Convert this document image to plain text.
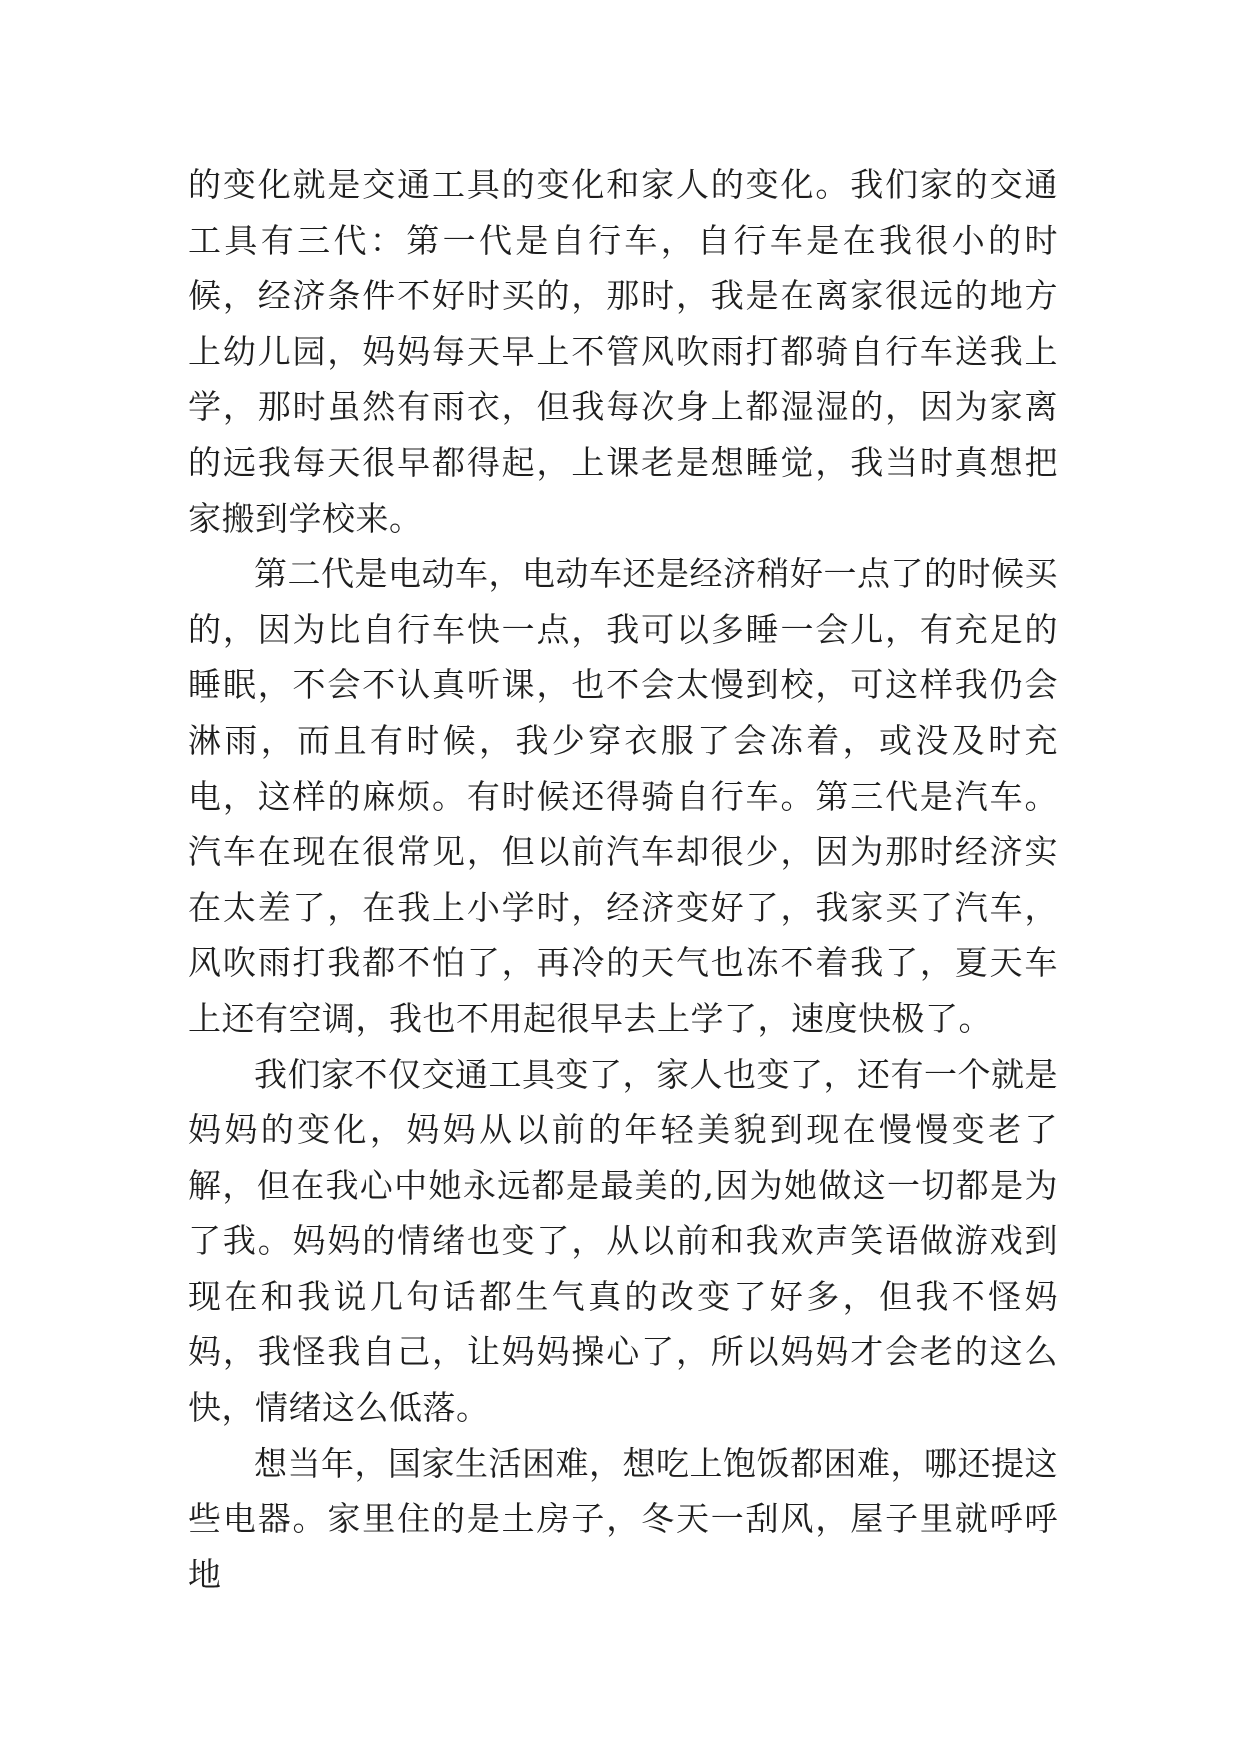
的变化就是交通工具的变化和家人的变化。我们家的交通工具有三代：第一代是自行车，自行车是在我很小的时候，经济条件不好时买的，那时，我是在离家很远的地方上幼儿园，妈妈每天早上不管风吹雨打都骑自行车送我上学，那时虽然有雨衣，但我每次身上都湿湿的，因为家离的远我每天很早都得起，上课老是想睡觉，我当时真想把家搬到学校来。

第二代是电动车，电动车还是经济稍好一点了的时候买的，因为比自行车快一点，我可以多睡一会儿，有充足的睡眠，不会不认真听课，也不会太慢到校，可这样我仍会淋雨，而且有时候，我少穿衣服了会冻着，或没及时充电，这样的麻烦。有时候还得骑自行车。第三代是汽车。汽车在现在很常见，但以前汽车却很少，因为那时经济实在太差了，在我上小学时，经济变好了，我家买了汽车，风吹雨打我都不怕了，再冷的天气也冻不着我了，夏天车上还有空调，我也不用起很早去上学了，速度快极了。

我们家不仅交通工具变了，家人也变了，还有一个就是妈妈的变化，妈妈从以前的年轻美貌到现在慢慢变老了解，但在我心中她永远都是最美的,因为她做这一切都是为了我。妈妈的情绪也变了，从以前和我欢声笑语做游戏到现在和我说几句话都生气真的改变了好多，但我不怪妈妈，我怪我自己，让妈妈操心了，所以妈妈才会老的这么快，情绪这么低落。

想当年，国家生活困难，想吃上饱饭都困难，哪还提这些电器。家里住的是土房子，冬天一刮风，屋子里就呼呼地
